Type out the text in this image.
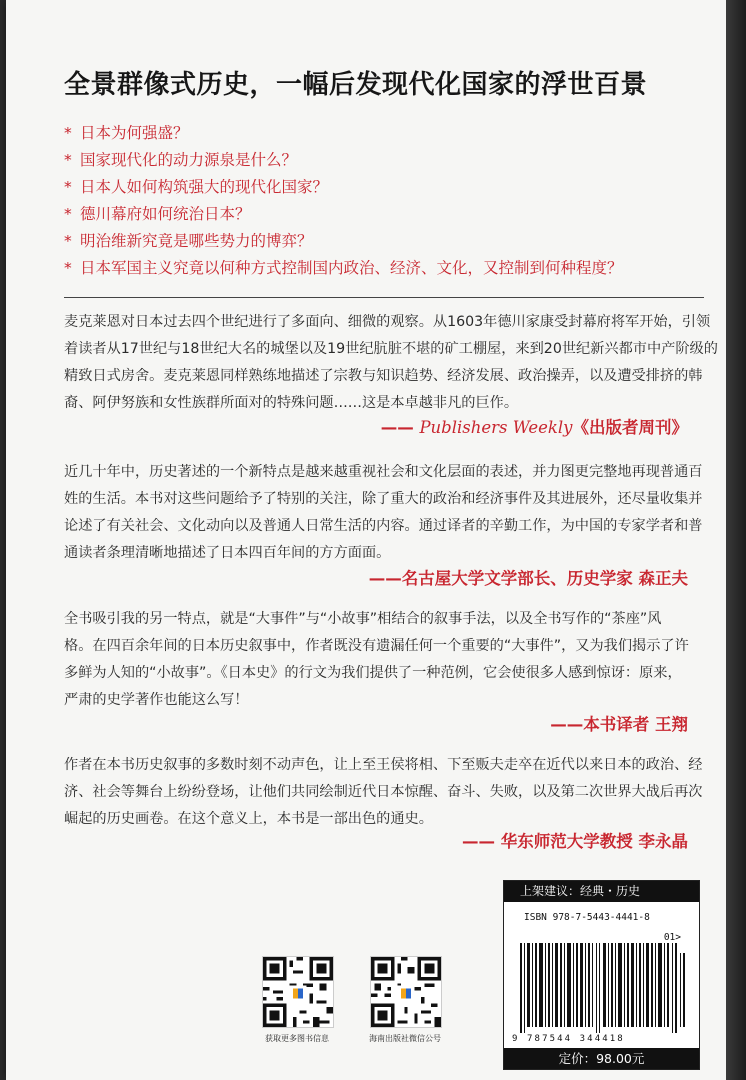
全景群像式历史，一幅后发现代化国家的浮世百景
* 日本为何强盛？
* 国家现代化的动力源泉是什么？
* 日本人如何构筑强大的现代化国家？
* 德川幕府如何统治日本？
* 明治维新究竟是哪些势力的博弈？
* 日本军国主义究竟以何种方式控制国内政治、经济、文化，又控制到何种程度？
麦克莱恩对日本过去四个世纪进行了多面向、细微的观察。从1603年德川家康受封幕府将军开始，引领
着读者从17世纪与18世纪大名的城堡以及19世纪肮脏不堪的矿工棚屋，来到20世纪新兴都市中产阶级的
精致日式房舍。麦克莱恩同样熟练地描述了宗教与知识趋势、经济发展、政治操弄，以及遭受排挤的韩
裔、阿伊努族和女性族群所面对的特殊问题……这是本卓越非凡的巨作。
—— Publishers Weekly《出版者周刊》
近几十年中，历史著述的一个新特点是越来越重视社会和文化层面的表述，并力图更完整地再现普通百
姓的生活。本书对这些问题给予了特别的关注，除了重大的政治和经济事件及其进展外，还尽量收集并
论述了有关社会、文化动向以及普通人日常生活的内容。通过译者的辛勤工作，为中国的专家学者和普
通读者条理清晰地描述了日本四百年间的方方面面。
——名古屋大学文学部长、历史学家 森正夫
全书吸引我的另一特点，就是“大事件”与“小故事”相结合的叙事手法，以及全书写作的“茶座”风
格。在四百余年间的日本历史叙事中，作者既没有遗漏任何一个重要的“大事件”，又为我们揭示了许
多鲜为人知的“小故事”。《日本史》的行文为我们提供了一种范例，它会使很多人感到惊讶：原来，
严肃的史学著作也能这么写！
——本书译者 王翔
作者在本书历史叙事的多数时刻不动声色，让上至王侯将相、下至贩夫走卒在近代以来日本的政治、经
济、社会等舞台上纷纷登场，让他们共同绘制近代日本惊醒、奋斗、失败，以及第二次世界大战后再次
崛起的历史画卷。在这个意义上，本书是一部出色的通史。
—— 华东师范大学教授 李永晶
获取更多图书信息	海南出版社微信公号
上架建议：经典・历史
ISBN 978-7-5443-4441-8
01>
9 787544 344418
定价：98.00元
